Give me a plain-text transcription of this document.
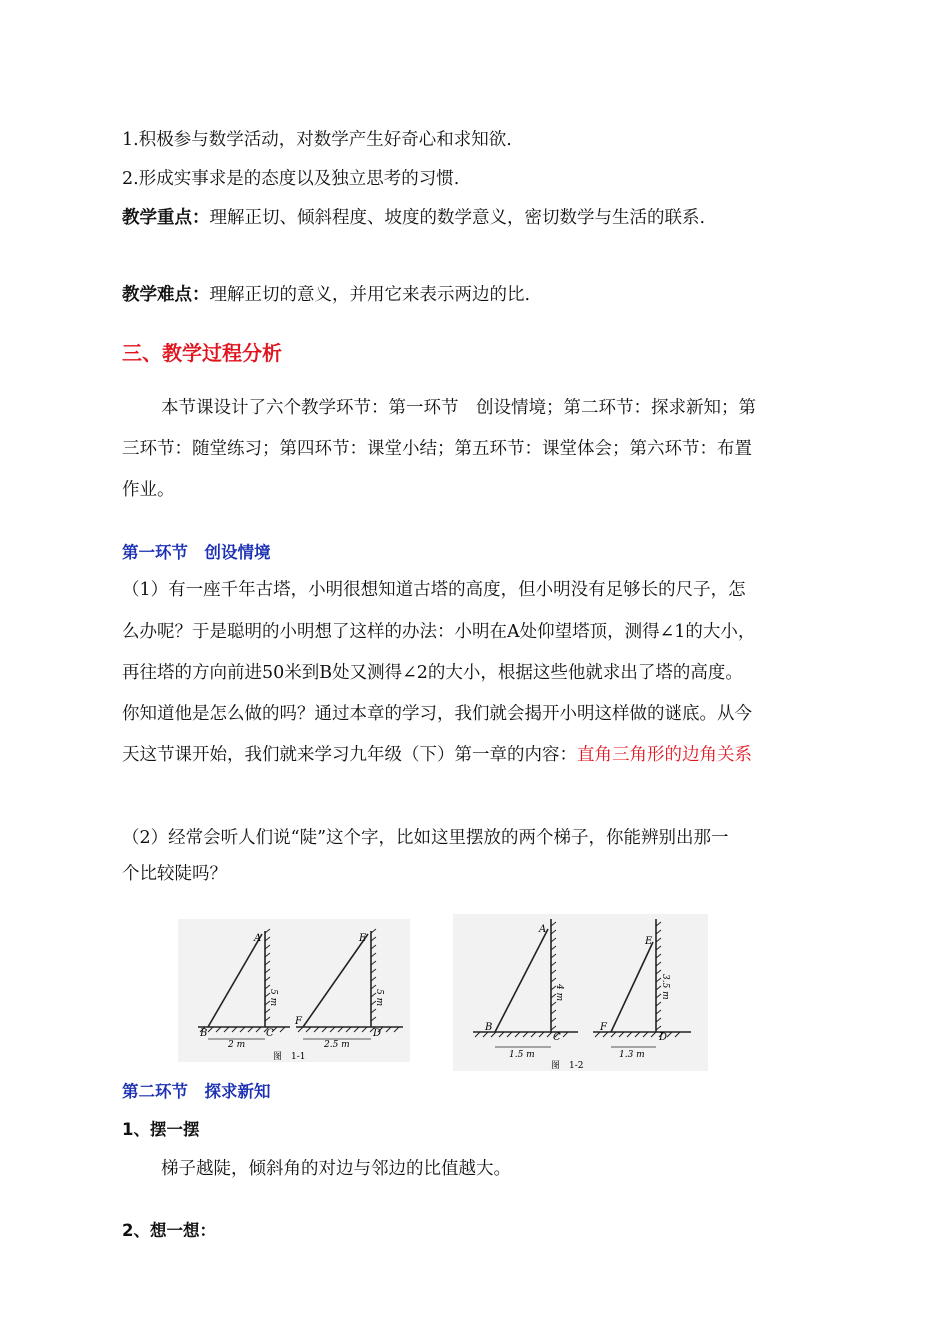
1.积极参与数学活动，对数学产生好奇心和求知欲.
2.形成实事求是的态度以及独立思考的习惯.
教学重点：理解正切、倾斜程度、坡度的数学意义，密切数学与生活的联系.
教学难点：理解正切的意义，并用它来表示两边的比.
三、教学过程分析
本节课设计了六个教学环节：第一环节　创设情境；第二环节：探求新知；第
三环节：随堂练习；第四环节：课堂小结；第五环节：课堂体会；第六环节：布置
作业。
第一环节　创设情境
（1）有一座千年古塔，小明很想知道古塔的高度，但小明没有足够长的尺子，怎
么办呢？于是聪明的小明想了这样的办法：小明在A处仰望塔顶，测得∠1的大小，
再往塔的方向前进50米到B处又测得∠2的大小，根据这些他就求出了塔的高度。
你知道他是怎么做的吗？通过本章的学习，我们就会揭开小明这样做的谜底。从今
天这节课开始，我们就来学习九年级（下）第一章的内容：直角三角形的边角关系
（2）经常会听人们说“陡”这个字，比如这里摆放的两个梯子，你能辨别出那一
个比较陡吗？
A
B	C
5 m
2 m
E
F
D
5 m
2.5 m
图　1-1
A
B
C
4 m
1.5 m
E
F
D
3.5 m
1.3 m
图　1-2
第二环节　探求新知
1、摆一摆
梯子越陡，倾斜角的对边与邻边的比值越大。
2、想一想：
